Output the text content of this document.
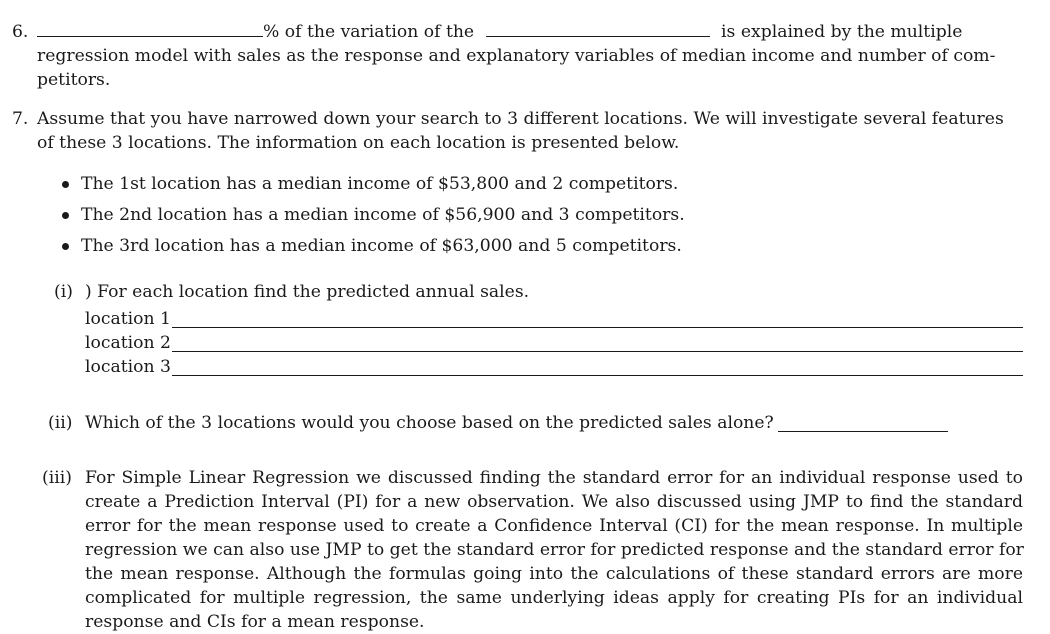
6.	% of the variation of the	is explained by the multiple
regression model with sales as the response and explanatory variables of median income and number of com-
petitors.
7. Assume that you have narrowed down your search to 3 different locations. We will investigate several features
of these 3 locations. The information on each location is presented below.
The 1st location has a median income of $53,800 and 2 competitors.
The 2nd location has a median income of $56,900 and 3 competitors.
The 3rd location has a median income of $63,000 and 5 competitors.
(i) ) For each location find the predicted annual sales.
location 1
location 2
location 3
(ii) Which of the 3 locations would you choose based on the predicted sales alone?
(iii) For Simple Linear Regression we discussed finding the standard error for an individual response used to
create a Prediction Interval (PI) for a new observation. We also discussed using JMP to find the standard
error for the mean response used to create a Confidence Interval (CI) for the mean response. In multiple
regression we can also use JMP to get the standard error for predicted response and the standard error for
the mean response. Although the formulas going into the calculations of these standard errors are more
complicated for multiple regression, the same underlying ideas apply for creating PIs for an individual
response and CIs for a mean response.
